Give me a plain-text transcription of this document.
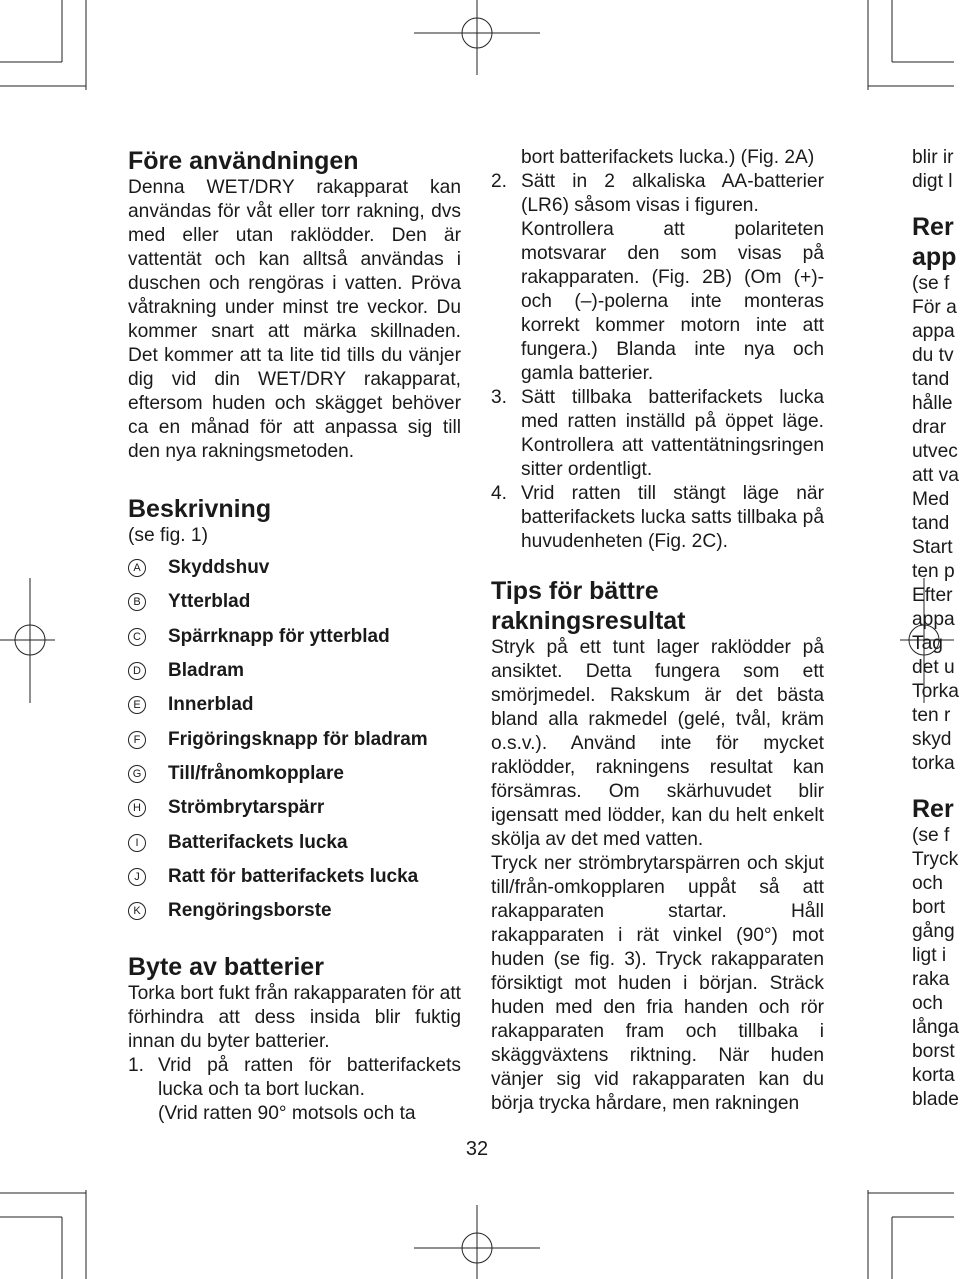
Före användningen

Denna WET/DRY rakapparat kan användas för våt eller torr rakning, dvs med eller utan raklödder. Den är vattentät och kan alltså användas i duschen och rengöras i vatten. Pröva våtrakning under minst tre veckor. Du kommer snart att märka skillnaden. Det kommer att ta lite tid tills du vänjer dig vid din WET/DRY rakapparat, eftersom huden och skägget behöver ca en månad för att anpassa sig till den nya rakningsmetoden.

Beskrivning

(se fig. 1)

A Skyddshuv
B Ytterblad
C Spärrknapp för ytterblad
D Bladram
E Innerblad
F Frigöringsknapp för bladram
G Till/frånomkopplare
H Strömbrytarspärr
I	Batterifackets lucka
J	Ratt för batterifackets lucka
K Rengöringsborste
Byte av batterier

Torka bort fukt från rakapparaten för att förhindra att dess insida blir fuktig innan du byter batterier.

1. Vrid på ratten för batterifackets lucka och ta bort luckan.

(Vrid ratten 90° motsols och ta

bort batterifackets lucka.) (Fig. 2A)

2. Sätt in 2 alkaliska AA-batterier (LR6) såsom visas i figuren.

Kontrollera att polariteten motsvarar den som visas på rakapparaten. (Fig. 2B) (Om (+)- och (–)-polerna inte monteras korrekt kommer motorn inte att fungera.) Blanda inte nya och gamla batterier.

3. Sätt tillbaka batterifackets lucka med ratten inställd på öppet läge. Kontrollera att vattentätningsringen sitter ordentligt.

4. Vrid ratten till stängt läge när batterifackets lucka satts tillbaka på huvudenheten (Fig. 2C).

Tips för bättre rakningsresultat

Stryk på ett tunt lager raklödder på ansiktet. Detta fungera som ett smörjmedel. Rakskum är det bästa bland alla rakmedel (gelé, tvål, kräm o.s.v.). Använd inte för mycket raklödder, rakningens resultat kan försämras. Om skärhuvudet blir igensatt med lödder, kan du helt enkelt skölja av det med vatten.

Tryck ner strömbrytarspärren och skjut till/från-omkopplaren uppåt så att rakapparaten startar. Håll rakapparaten i rät vinkel (90°) mot huden (se fig. 3). Tryck rakapparaten försiktigt mot huden i början. Sträck huden med den fria handen och rör rakapparaten fram och tillbaka i skäggväxtens riktning. När huden vänjer sig vid rakapparaten kan du börja trycka hårdare, men rakningen

blir ir
digt l
Rer
app
(se f
För a
appa
du tv
tand
hålle
drar
utvec
att va
Med
tand
Start
ten p
Efter
appa
Tag
det u
Torka
ten r
skyd
torka
Rer
(se f
Tryck
och
bort
gång
ligt i
raka
och
långa
borst
korta
blade
32
